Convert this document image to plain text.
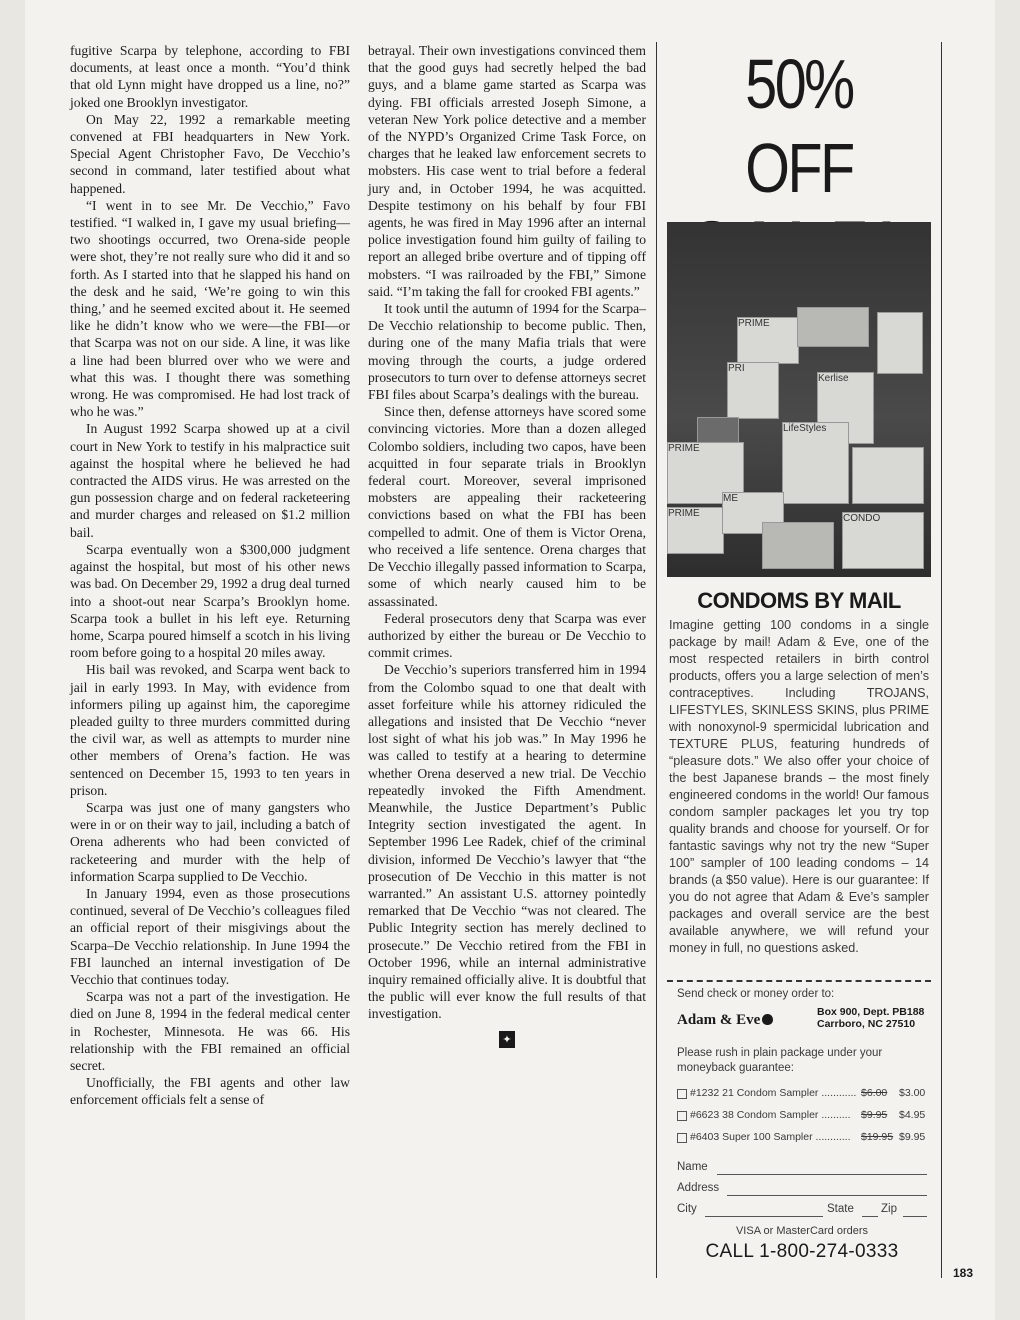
fugitive Scarpa by telephone, according to FBI documents, at least once a month. “You’d think that old Lynn might have dropped us a line, no?” joked one Brooklyn investigator.

On May 22, 1992 a remarkable meeting convened at FBI headquarters in New York. Special Agent Christopher Favo, De Vecchio’s second in command, later testified about what happened.

“I went in to see Mr. De Vecchio,” Favo testified. “I walked in, I gave my usual briefing—two shootings occurred, two Orena-side people were shot, they’re not really sure who did it and so forth. As I started into that he slapped his hand on the desk and he said, ‘We’re going to win this thing,’ and he seemed excited about it. He seemed like he didn’t know who we were—the FBI—or that Scarpa was not on our side. A line, it was like a line had been blurred over who we were and what this was. I thought there was something wrong. He was compromised. He had lost track of who he was.”

In August 1992 Scarpa showed up at a civil court in New York to testify in his malpractice suit against the hospital where he believed he had contracted the AIDS virus. He was arrested on the gun possession charge and on federal racketeering and murder charges and released on $1.2 million bail.

Scarpa eventually won a $300,000 judgment against the hospital, but most of his other news was bad. On December 29, 1992 a drug deal turned into a shoot-out near Scarpa’s Brooklyn home. Scarpa took a bullet in his left eye. Returning home, Scarpa poured himself a scotch in his living room before going to a hospital 20 miles away.

His bail was revoked, and Scarpa went back to jail in early 1993. In May, with evidence from informers piling up against him, the caporegime pleaded guilty to three murders committed during the civil war, as well as attempts to murder nine other members of Orena’s faction. He was sentenced on December 15, 1993 to ten years in prison.

Scarpa was just one of many gangsters who were in or on their way to jail, including a batch of Orena adherents who had been convicted of racketeering and murder with the help of information Scarpa supplied to De Vecchio.

In January 1994, even as those prosecutions continued, several of De Vecchio’s colleagues filed an official report of their misgivings about the Scarpa–De Vecchio relationship. In June 1994 the FBI launched an internal investigation of De Vecchio that continues today.

Scarpa was not a part of the investigation. He died on June 8, 1994 in the federal medical center in Rochester, Minnesota. He was 66. His relationship with the FBI remained an official secret.

Unofficially, the FBI agents and other law enforcement officials felt a sense of

betrayal. Their own investigations convinced them that the good guys had secretly helped the bad guys, and a blame game started as Scarpa was dying. FBI officials arrested Joseph Simone, a veteran New York police detective and a member of the NYPD’s Organized Crime Task Force, on charges that he leaked law enforcement secrets to mobsters. His case went to trial before a federal jury and, in October 1994, he was acquitted. Despite testimony on his behalf by four FBI agents, he was fired in May 1996 after an internal police investigation found him guilty of failing to report an alleged bribe overture and of tipping off mobsters. “I was railroaded by the FBI,” Simone said. “I’m taking the fall for crooked FBI agents.”

It took until the autumn of 1994 for the Scarpa–De Vecchio relationship to become public. Then, during one of the many Mafia trials that were moving through the courts, a judge ordered prosecutors to turn over to defense attorneys secret FBI files about Scarpa’s dealings with the bureau.

Since then, defense attorneys have scored some convincing victories. More than a dozen alleged Colombo soldiers, including two capos, have been acquitted in four separate trials in Brooklyn federal court. Moreover, several imprisoned mobsters are appealing their racketeering convictions based on what the FBI has been compelled to admit. One of them is Victor Orena, who received a life sentence. Orena charges that De Vecchio illegally passed information to Scarpa, some of which nearly caused him to be assassinated.

Federal prosecutors deny that Scarpa was ever authorized by either the bureau or De Vecchio to commit crimes.

De Vecchio’s superiors transferred him in 1994 from the Colombo squad to one that dealt with asset forfeiture while his attorney ridiculed the allegations and insisted that De Vecchio “never lost sight of what his job was.” In May 1996 he was called to testify at a hearing to determine whether Orena deserved a new trial. De Vecchio repeatedly invoked the Fifth Amendment. Meanwhile, the Justice Department’s Public Integrity section investigated the agent. In September 1996 Lee Radek, chief of the criminal division, informed De Vecchio’s lawyer that “the prosecution of De Vecchio in this matter is not warranted.” An assistant U.S. attorney pointedly remarked that De Vecchio “was not cleared. The Public Integrity section has merely declined to prosecute.” De Vecchio retired from the FBI in October 1996, while an internal administrative inquiry remained officially alive. It is doubtful that the public will ever know the full results of that investigation.

✦
50% OFF
PRIME
PRI
Kerlise
PRIME
LifeStyles
PRIME
ME
CONDO
CONDOMS BY MAIL
Imagine getting 100 condoms in a single package by mail! Adam & Eve, one of the most respected retailers in birth control products, offers you a large selection of men’s contraceptives. Including TROJANS, LIFESTYLES, SKINLESS SKINS, plus PRIME with nonoxynol-9 spermicidal lubrication and TEXTURE PLUS, featuring hundreds of “pleasure dots.” We also offer your choice of the best Japanese brands – the most finely engineered condoms in the world! Our famous condom sampler packages let you try top quality brands and choose for yourself. Or for fantastic savings why not try the new “Super 100” sampler of 100 leading condoms – 14 brands (a $50 value). Here is our guarantee: If you do not agree that Adam & Eve’s sampler packages and overall service are the best available anywhere, we will refund your money in full, no questions asked.
Send check or money order to:
Adam & Eve	Box 900, Dept. PB188
Carrboro, NC 27510
Please rush in plain package under your moneyback guarantee:
#1232 21 Condom Sampler ............ $6.00 $3.00
#6623 38 Condom Sampler .......... $9.95 $4.95
#6403 Super 100 Sampler ............ $19.95 $9.95
Name
Address
City	State Zip
VISA or MasterCard orders
CALL 1-800-274-0333
183
